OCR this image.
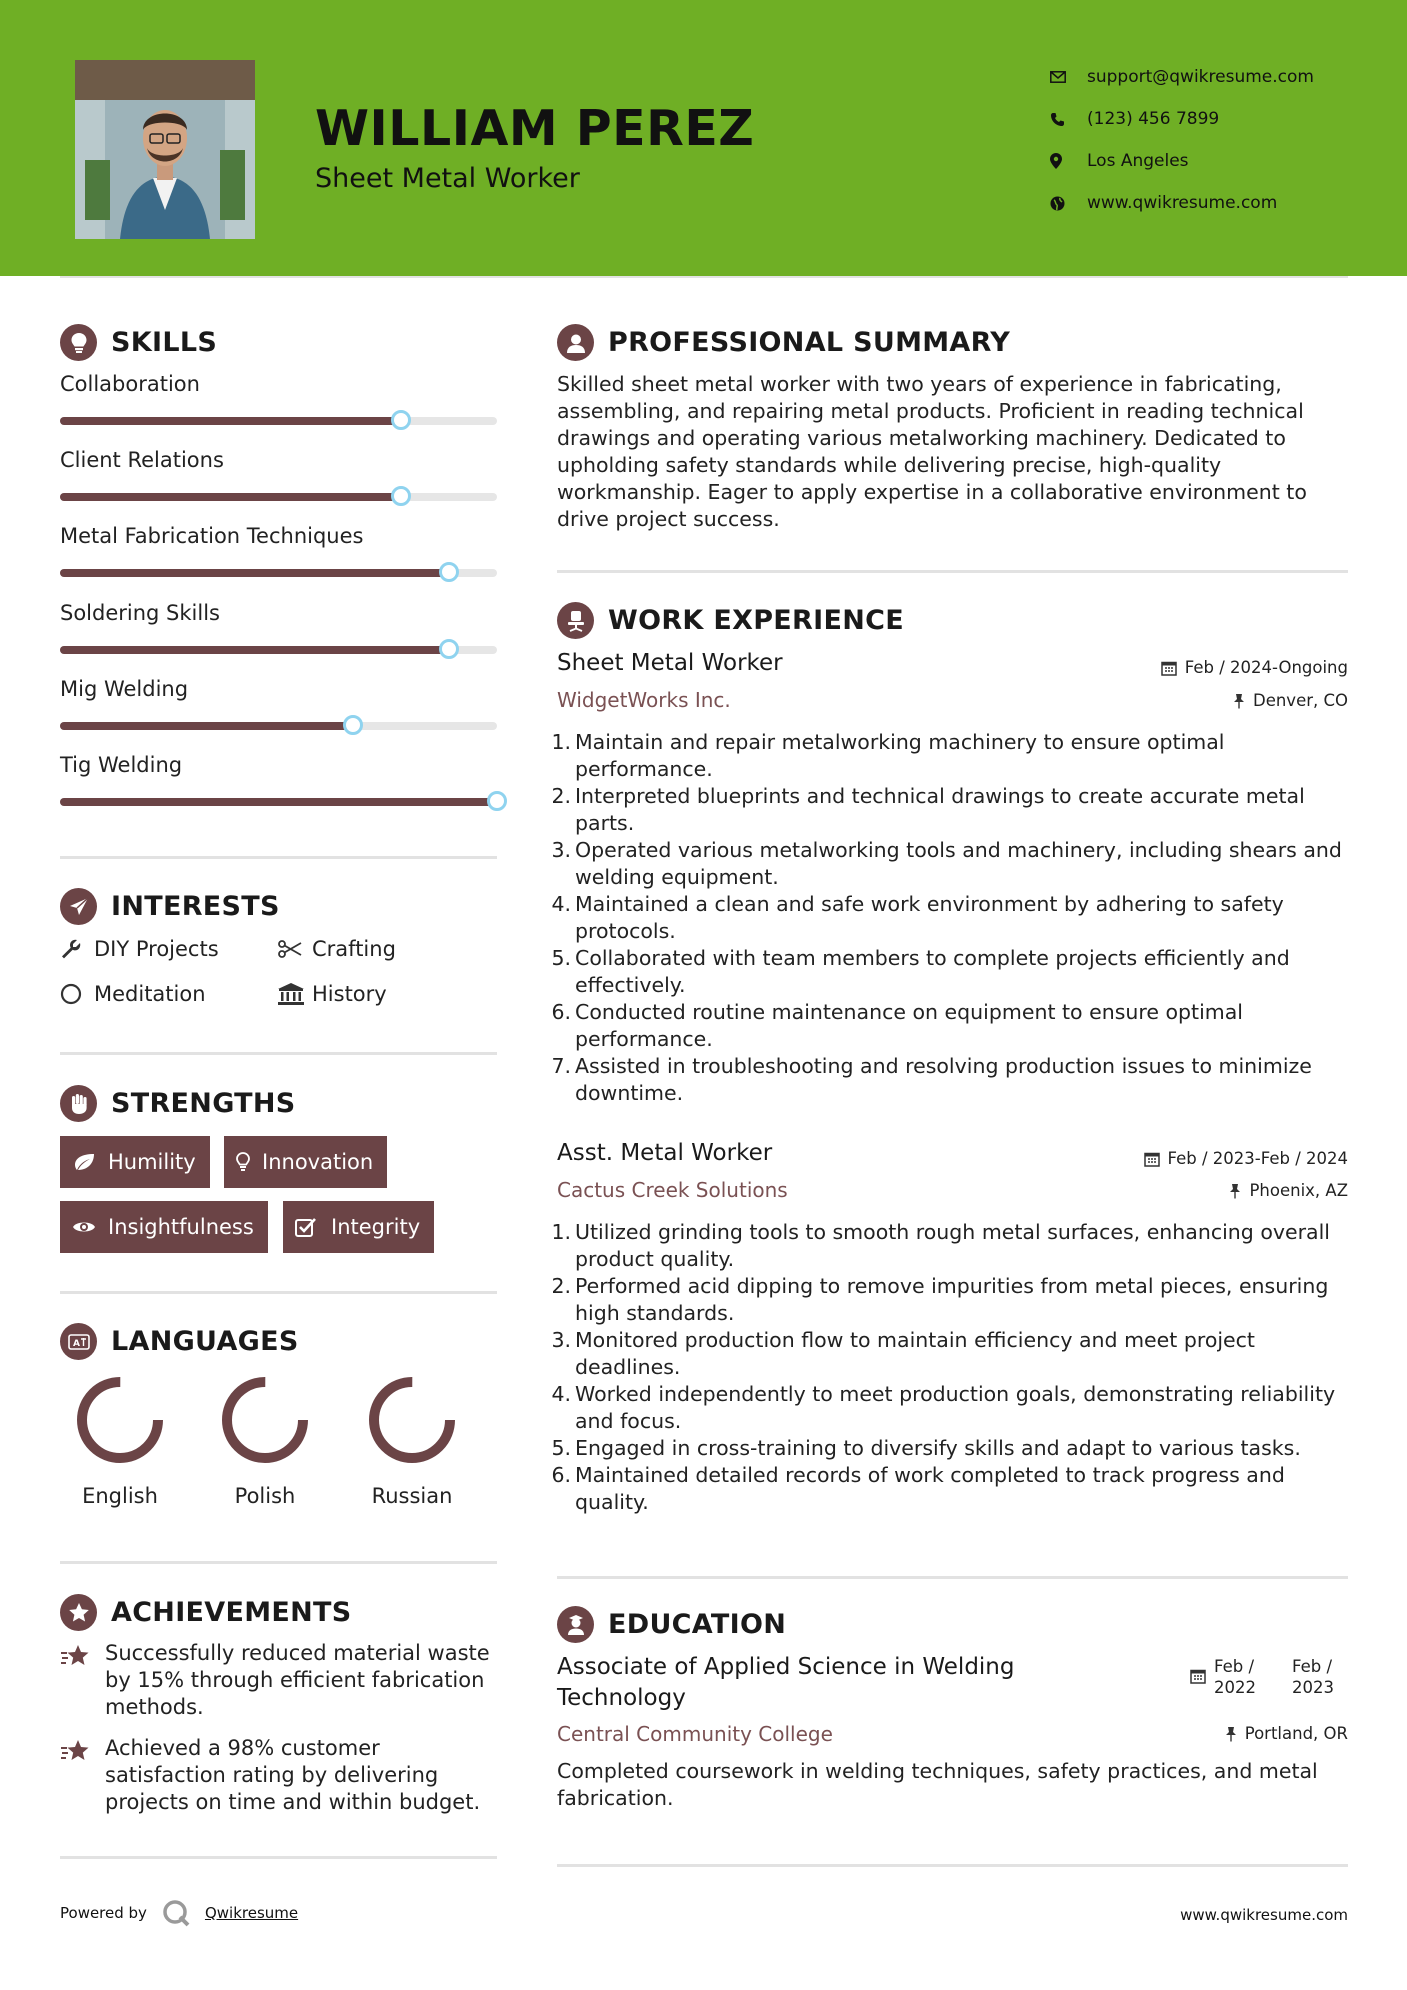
WILLIAM PEREZ
Sheet Metal Worker
support@qwikresume.com
(123) 456 7899
Los Angeles
www.qwikresume.com
SKILLS
Collaboration
Client Relations
Metal Fabrication Techniques
Soldering Skills
Mig Welding
Tig Welding
INTERESTS
DIY Projects	Crafting
Meditation	History
STRENGTHS
Humility	Innovation
Insightfulness	Integrity
A LANGUAGES
English	Polish	Russian
ACHIEVEMENTS
Successfully reduced material waste by 15% through efficient fabrication methods.
Achieved a 98% customer satisfaction rating by delivering projects on time and within budget.
PROFESSIONAL SUMMARY
Skilled sheet metal worker with two years of experience in fabricating, assembling, and repairing metal products. Proficient in reading technical drawings and operating various metalworking machinery. Dedicated to upholding safety standards while delivering precise, high-quality workmanship. Eager to apply expertise in a collaborative environment to drive project success.
WORK EXPERIENCE
Sheet Metal Worker	Feb / 2024-Ongoing
WidgetWorks Inc.	Denver, CO
1. Maintain and repair metalworking machinery to ensure optimal performance.
2. Interpreted blueprints and technical drawings to create accurate metal parts.
3. Operated various metalworking tools and machinery, including shears and welding equipment.
4. Maintained a clean and safe work environment by adhering to safety protocols.
5. Collaborated with team members to complete projects efficiently and effectively.
6. Conducted routine maintenance on equipment to ensure optimal performance.
7. Assisted in troubleshooting and resolving production issues to minimize downtime.
Asst. Metal Worker	Feb / 2023-Feb / 2024
Cactus Creek Solutions	Phoenix, AZ
1. Utilized grinding tools to smooth rough metal surfaces, enhancing overall product quality.
2. Performed acid dipping to remove impurities from metal pieces, ensuring high standards.
3. Monitored production flow to maintain efficiency and meet project deadlines.
4. Worked independently to meet production goals, demonstrating reliability and focus.
5. Engaged in cross-training to diversify skills and adapt to various tasks.
6. Maintained detailed records of work completed to track progress and quality.
EDUCATION
Associate of Applied Science in Welding Technology
Feb / 2022
Feb / 2023
Central Community College	Portland, OR
Completed coursework in welding techniques, safety practices, and metal fabrication.
Powered by	Qwikresume	www.qwikresume.com
